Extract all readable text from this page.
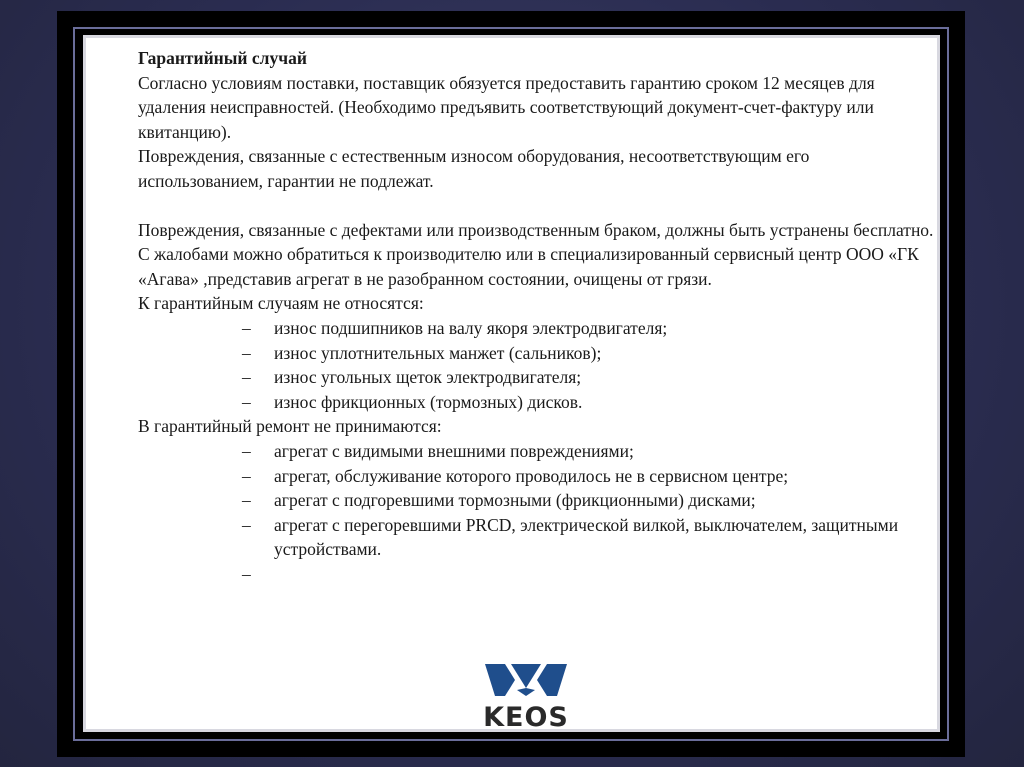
Гарантийный случай

Согласно условиям поставки, поставщик обязуется предоставить гарантию сроком 12 месяцев для удаления неисправностей. (Необходимо предъявить соответствующий документ-счет-фактуру или квитанцию).

Повреждения, связанные с естественным износом оборудования, несоответствующим его использованием, гарантии не подлежат.

Повреждения, связанные с дефектами или производственным браком, должны быть устранены бесплатно.

С жалобами можно обратиться к производителю или в специализированный сервисный центр ООО «ГК «Агава» ,представив агрегат в не разобранном состоянии, очищены от грязи.

К гарантийным случаям не относятся:

– износ подшипников на валу якоря электродвигателя;
– износ уплотнительных манжет (сальников);
– износ угольных щеток электродвигателя;
– износ фрикционных (тормозных) дисков.

В гарантийный ремонт не принимаются:

– агрегат с видимыми внешними повреждениями;
– агрегат, обслуживание которого проводилось не в сервисном центре;
– агрегат с подгоревшими тормозными (фрикционными) дисками;
– агрегат с перегоревшими PRCD, электрической вилкой, выключателем, защитными устройствами.
–
KEOS
